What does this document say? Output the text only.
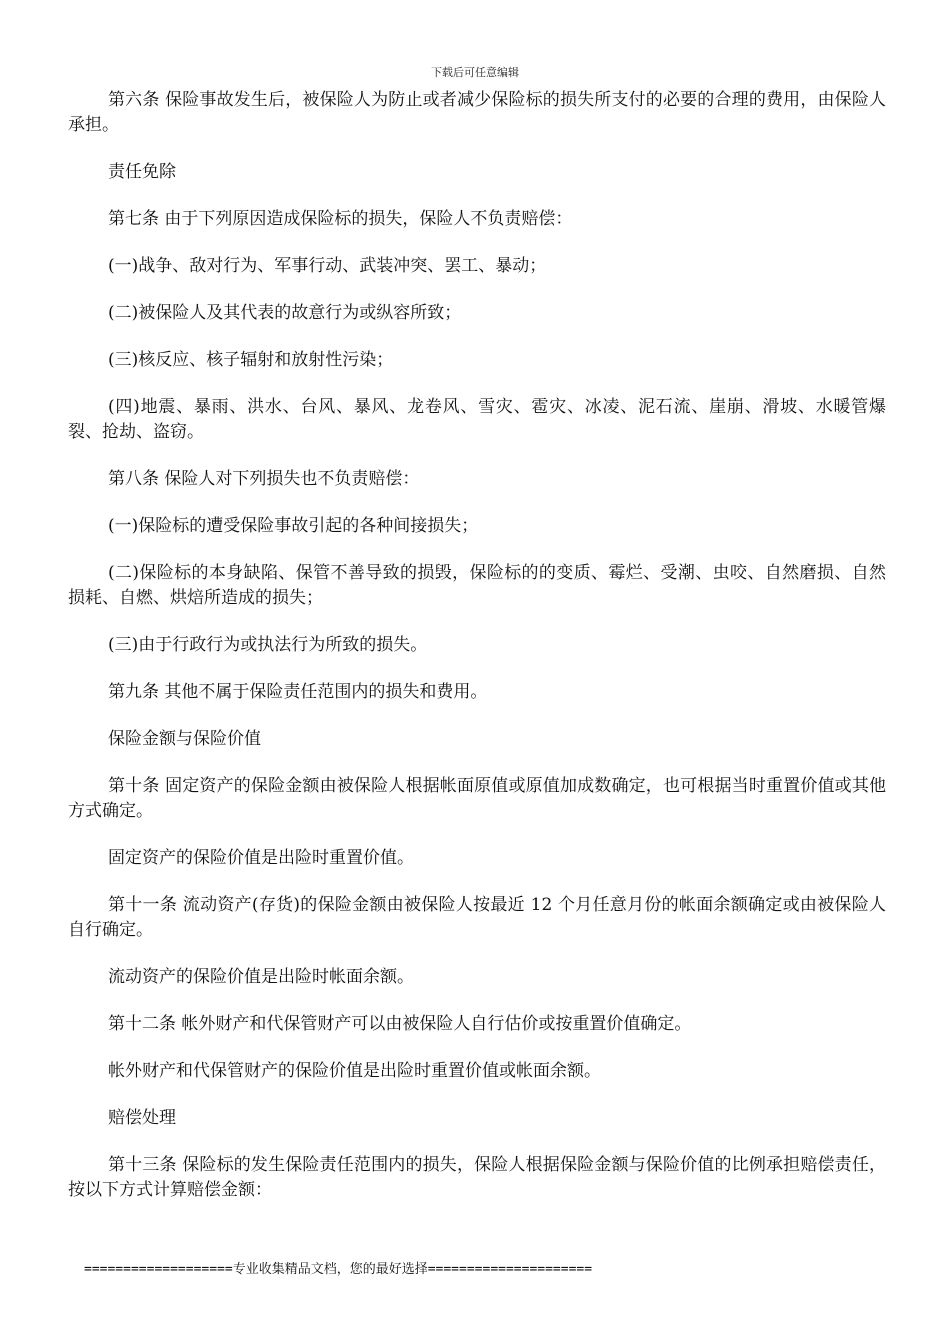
下载后可任意编辑

第六条 保险事故发生后，被保险人为防止或者减少保险标的损失所支付的必要的合理的费用，由保险人承担。

责任免除

第七条 由于下列原因造成保险标的损失，保险人不负责赔偿：

(一)战争、敌对行为、军事行动、武装冲突、罢工、暴动；

(二)被保险人及其代表的故意行为或纵容所致；

(三)核反应、核子辐射和放射性污染；

(四)地震、暴雨、洪水、台风、暴风、龙卷风、雪灾、雹灾、冰凌、泥石流、崖崩、滑坡、水暖管爆裂、抢劫、盗窃。

第八条 保险人对下列损失也不负责赔偿：

(一)保险标的遭受保险事故引起的各种间接损失；

(二)保险标的本身缺陷、保管不善导致的损毁，保险标的的变质、霉烂、受潮、虫咬、自然磨损、自然损耗、自燃、烘焙所造成的损失；

(三)由于行政行为或执法行为所致的损失。

第九条 其他不属于保险责任范围内的损失和费用。

保险金额与保险价值

第十条 固定资产的保险金额由被保险人根据帐面原值或原值加成数确定，也可根据当时重置价值或其他方式确定。

固定资产的保险价值是出险时重置价值。

第十一条 流动资产(存货)的保险金额由被保险人按最近 12 个月任意月份的帐面余额确定或由被保险人自行确定。

流动资产的保险价值是出险时帐面余额。

第十二条 帐外财产和代保管财产可以由被保险人自行估价或按重置价值确定。

帐外财产和代保管财产的保险价值是出险时重置价值或帐面余额。

赔偿处理

第十三条 保险标的发生保险责任范围内的损失，保险人根据保险金额与保险价值的比例承担赔偿责任，按以下方式计算赔偿金额：

===================专业收集精品文档，您的最好选择=====================
